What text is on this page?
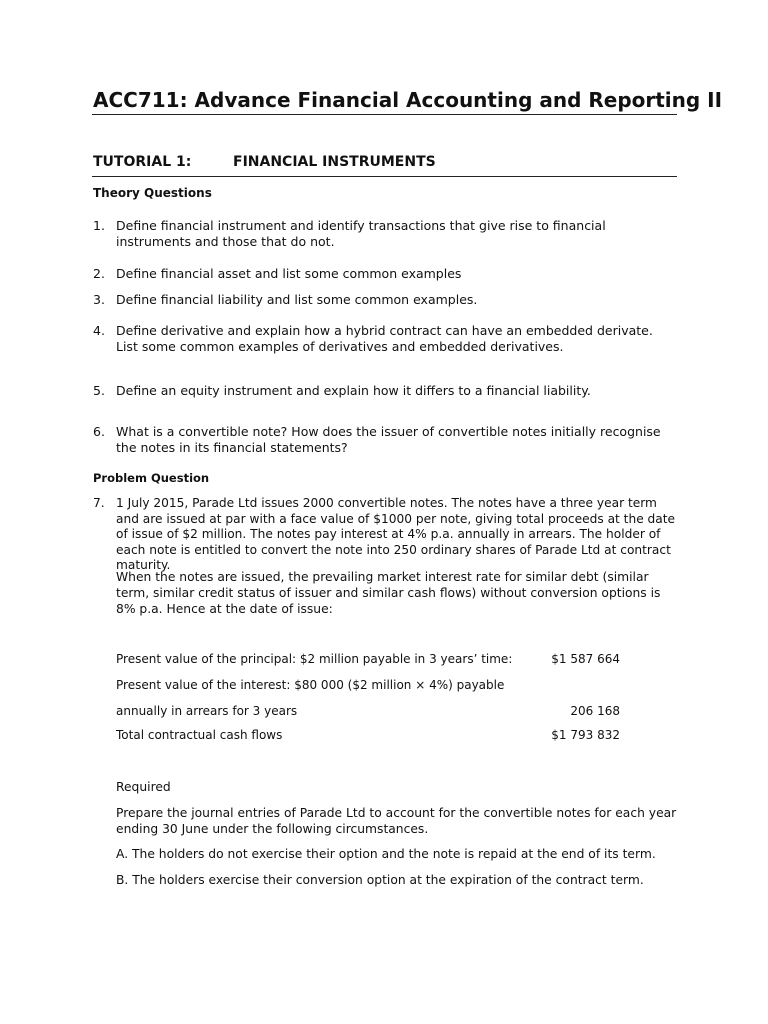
ACC711: Advance Financial Accounting and Reporting II
TUTORIAL 1:	FINANCIAL INSTRUMENTS
Theory Questions
1. Define financial instrument and identify transactions that give rise to financial instruments and those that do not.
2. Define financial asset and list some common examples
3. Define financial liability and list some common examples.
4. Define derivative and explain how a hybrid contract can have an embedded derivate. List some common examples of derivatives and embedded derivatives.
5. Define an equity instrument and explain how it differs to a financial liability.
6. What is a convertible note? How does the issuer of convertible notes initially recognise the notes in its financial statements?
Problem Question
7. 1 July 2015, Parade Ltd issues 2000 convertible notes. The notes have a three year term and are issued at par with a face value of $1000 per note, giving total proceeds at the date of issue of $2 million. The notes pay interest at 4% p.a. annually in arrears. The holder of each note is entitled to convert the note into 250 ordinary shares of Parade Ltd at contract maturity.
When the notes are issued, the prevailing market interest rate for similar debt (similar term, similar credit status of issuer and similar cash flows) without conversion options is 8% p.a. Hence at the date of issue:
Present value of the principal: $2 million payable in 3 years’ time:	$1 587 664
Present value of the interest: $80 000 ($2 million × 4%) payable
annually in arrears for 3 years	206 168
Total contractual cash flows	$1 793 832
Required
Prepare the journal entries of Parade Ltd to account for the convertible notes for each year ending 30 June under the following circumstances.
A. The holders do not exercise their option and the note is repaid at the end of its term.
B. The holders exercise their conversion option at the expiration of the contract term.
